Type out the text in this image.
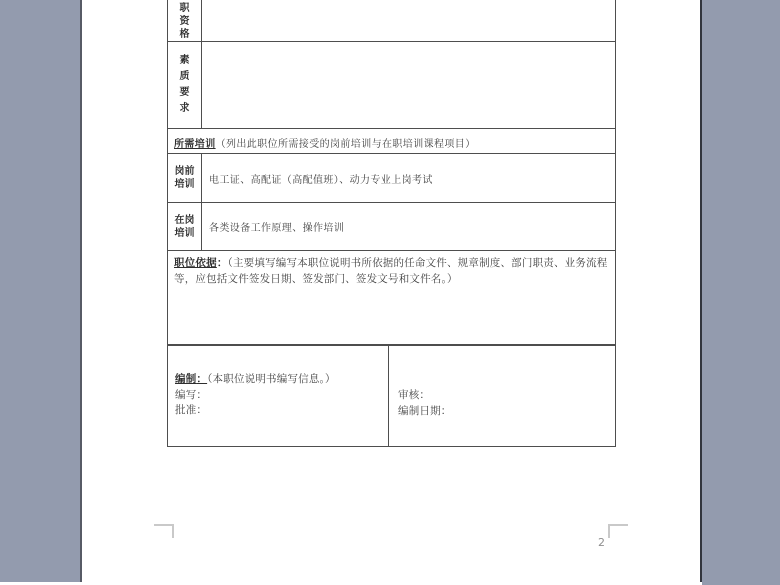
职资格
素质要求
所需培训（列出此职位所需接受的岗前培训与在职培训课程项目）
岗前培训	电工证、高配证（高配值班）、动力专业上岗考试
在岗培训	各类设备工作原理、操作培训
职位依据：（主要填写编写本职位说明书所依据的任命文件、规章制度、部门职责、业务流程等，应包括文件签发日期、签发部门、签发文号和文件名。）
编制：（本职位说明书编写信息。）
编写：
批准：
审核：
编制日期：
2
